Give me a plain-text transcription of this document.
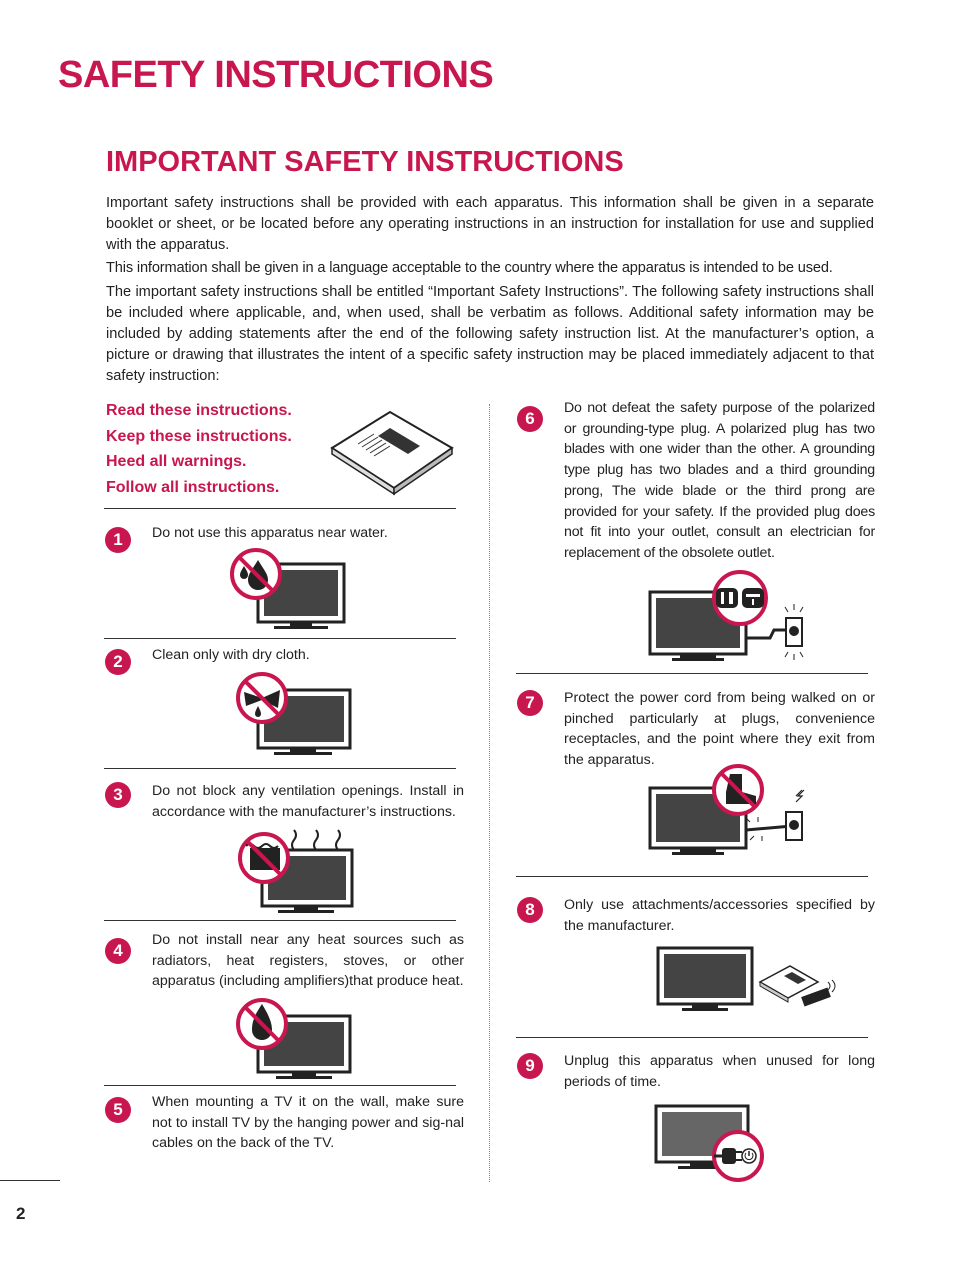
SAFETY INSTRUCTIONS
IMPORTANT SAFETY INSTRUCTIONS

Important safety instructions shall be provided with each apparatus. This information shall be given in a separate booklet or sheet, or be located before any operating instructions in an instruction for installation for use and supplied with the apparatus.

This information shall be given in a language acceptable to the country where the apparatus is intended to be used.

The important safety instructions shall be entitled “Important Safety Instructions”. The following safety instructions shall be included where applicable, and, when used, shall be verbatim as follows. Additional safety information may be included by adding statements after the end of the following safety instruction list. At the manufacturer’s option, a picture or drawing that illustrates the intent of a specific safety instruction may be placed immediately adjacent to that safety instruction:

Read these instructions.
Keep these instructions.
Heed all warnings.
Follow all instructions.
1	Do not use this apparatus near water.

2	Clean only with dry cloth.

3	Do not block any ventilation openings. Install in accordance with the manufacturer’s instructions.

4

Do not install near any heat sources such as radiators, heat registers, stoves, or other apparatus (including amplifiers)that produce heat.

5	When mounting a TV it on the wall, make sure not to install TV by the hanging power and sig-nal cables on the back of the TV.

6

Do not defeat the safety purpose of the polarized or grounding-type plug. A polarized plug has two blades with one wider than the other. A grounding type plug has two blades and a third grounding prong, The wide blade or the third prong are provided for your safety. If the provided plug does not fit into your outlet, consult an electrician for replacement of the obsolete outlet.

7	Protect the power cord from being walked on or pinched particularly at plugs, convenience receptacles, and the point where they exit from the apparatus.

8	Only use attachments/accessories specified by the manufacturer.

9	Unplug this apparatus when unused for long periods of time.

2
